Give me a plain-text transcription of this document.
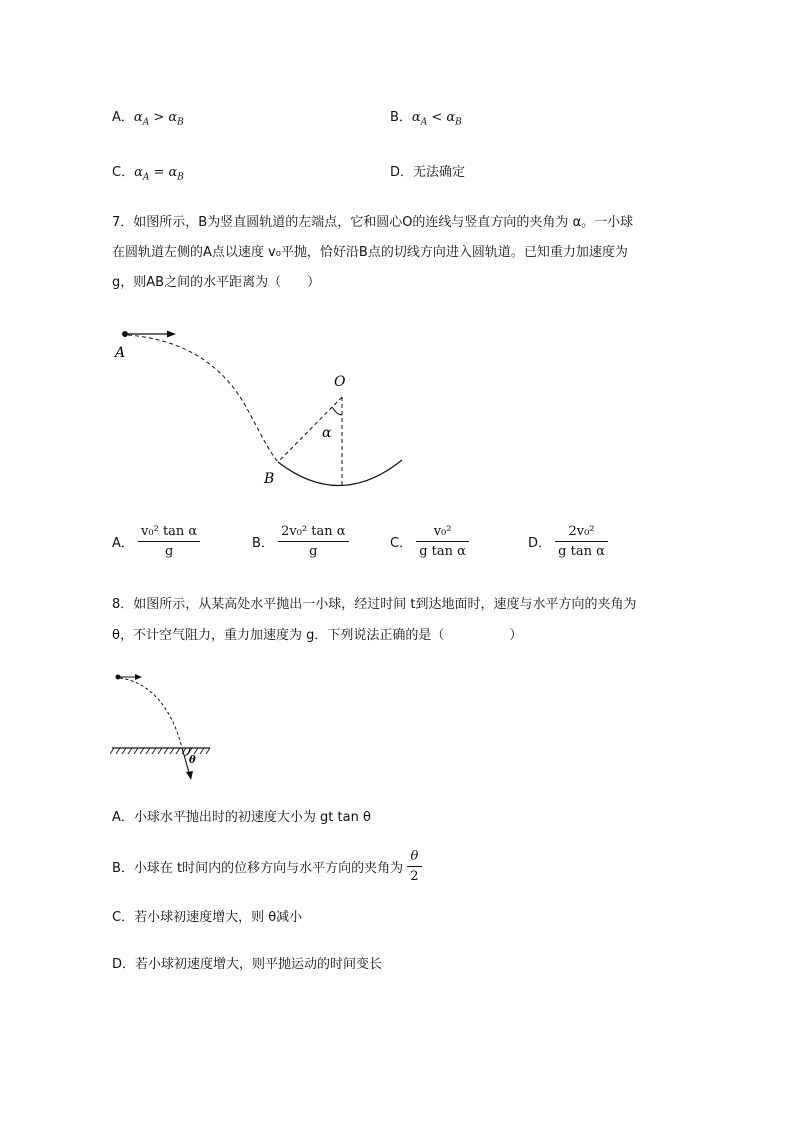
A．$\alpha_A > \alpha_B$	B．$\alpha_A < \alpha_B$
C．$\alpha_A = \alpha_B$	D．无法确定
7．如图所示，B为竖直圆轨道的左端点，它和圆心O的连线与竖直方向的夹角为 α。一小球
在圆轨道左侧的A点以速度 v₀平抛，恰好沿B点的切线方向进入圆轨道。已知重力加速度为
g，则AB之间的水平距离为（　　）
A
O
α
B
A． $\frac{\text{v₀² tan α}}{g}$	B． $\frac{\text{2v₀² tan α}}{g}$	C． $\frac{\text{v₀²}}{\text{g tan α}}$	D． $\frac{\text{2v₀²}}{\text{g tan α}}$
8．如图所示，从某高处水平抛出一小球，经过时间 t到达地面时，速度与水平方向的夹角为
θ，不计空气阻力，重力加速度为 g．下列说法正确的是（　　　　　）
θ
A．小球水平抛出时的初速度大小为 gt tan θ
B．小球在 t时间内的位移方向与水平方向的夹角为 $\frac{\theta}{2}$
C．若小球初速度增大，则 θ减小
D．若小球初速度增大，则平抛运动的时间变长
